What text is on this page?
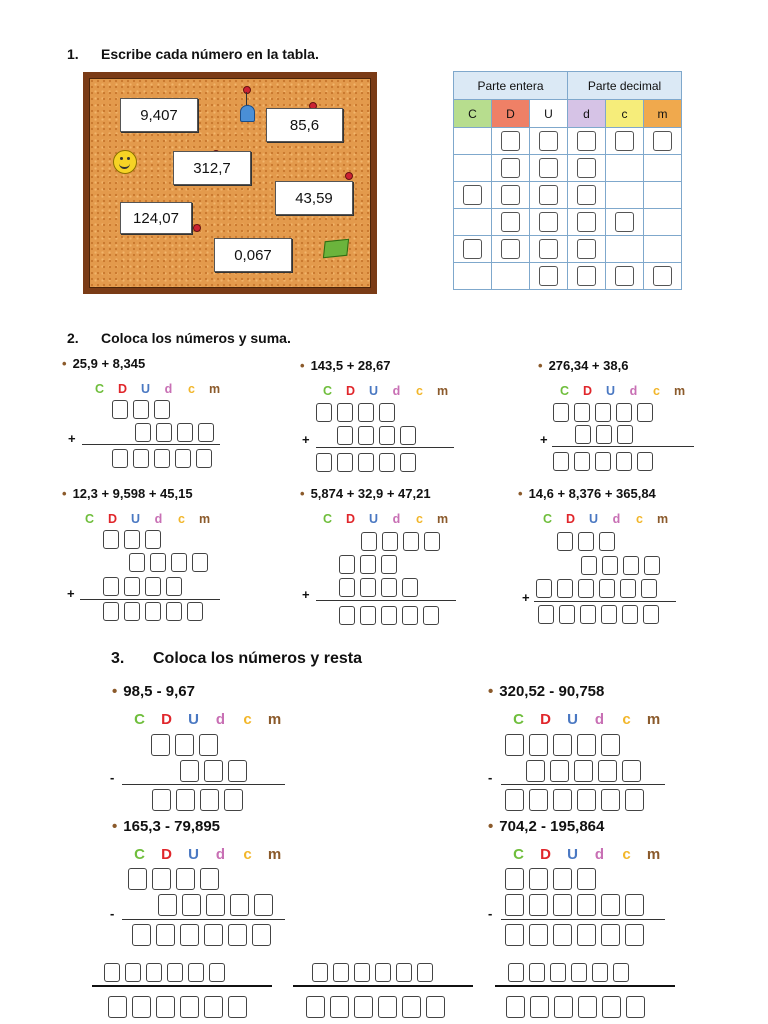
1. Escribe cada número en la tabla.
9,407
85,6
312,7
43,59
124,07
0,067
Parte entera			Parte decimal		
C	D	U	d	c	m

2. Coloca los números y suma.
3. Coloca los números y resta
• 25,9 + 8,345
C D U d c m
+
• 143,5 + 28,67
C D U d c m
+
• 276,34 + 38,6
C D U d c m
+
• 12,3 + 9,598 + 45,15
C D U d c m
+
• 5,874 + 32,9 + 47,21
C D U d c m
+
• 14,6 + 8,376 + 365,84
C D U d c m
+
• 98,5 - 9,67
C D U d c m
-
• 320,52 - 90,758
C D U d c m
-
• 165,3 - 79,895
C D U d c m
-
• 704,2 - 195,864
C D U d c m
-
